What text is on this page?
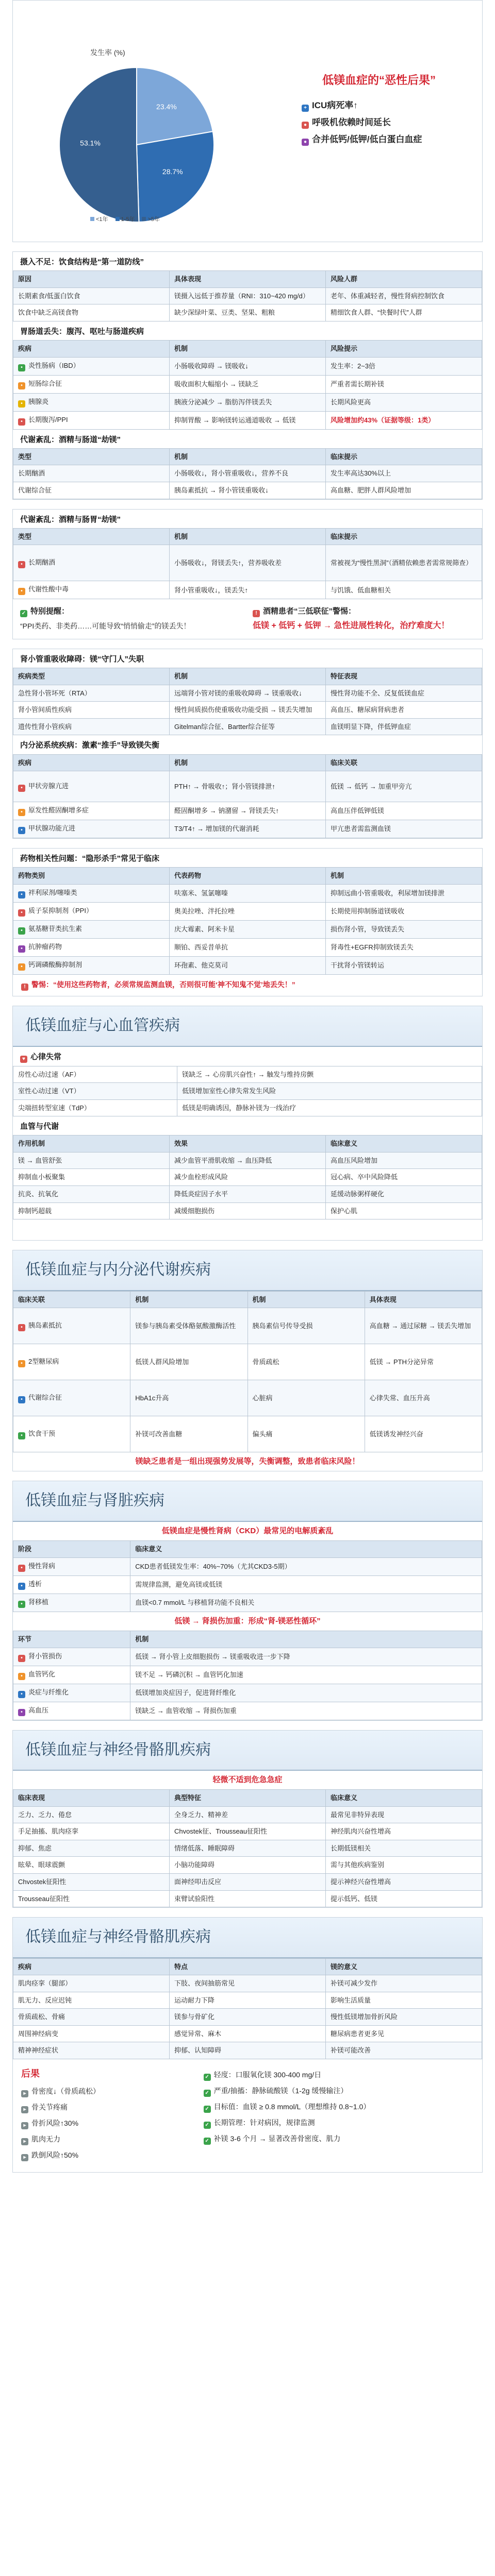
发生率 (%)
23.4%
28.7%
53.1%
<1年	1-5年	>5年
低镁血症的“恶性后果”
+ ICU病死率↑
● 呼吸机依赖时间延长
● 合并低钙/低钾/低白蛋白血症
摄入不足：饮食结构是“第一道防线”
原因	具体表现	风险人群
长期素食/低蛋白饮食	镁摄入远低于推荐量（RNI：310~420 mg/d）	老年、体重减轻者，慢性肾病控制饮食
饮食中缺乏高镁食物	缺少深绿叶菜、豆类、坚果、粗粮	精细饮食人群、“快餐时代”人群
胃肠道丢失：腹泻、呕吐与肠道疾病
疾病	机制	风险提示
• 炎性肠病（IBD）	小肠吸收障碍 → 镁吸收↓	发生率：2~3倍
• 短肠综合征	吸收面积大幅缩小 → 镁缺乏	严重者需长期补镁
• 胰腺炎	胰液分泌减少 → 脂肪泻伴镁丢失	长期风险更高
• 长期腹泻/PPI	抑制胃酸 → 影响镁转运通道吸收 → 低镁	风险增加约43%（证据等级：1类）
代谢紊乱：酒精与肠道“劫镁”
类型	机制	临床提示
长期酗酒	小肠吸收↓，肾小管重吸收↓，营养不良	发生率高达30%以上
代谢综合征	胰岛素抵抗 → 肾小管镁重吸收↓	高血糖、肥胖人群风险增加
代谢紊乱：酒精与肠胃“劫镁”
类型	机制	临床提示
• 长期酗酒	小肠吸收↓，肾镁丢失↑，营养吸收差	常被视为“慢性黑洞”（酒精依赖患者需常规筛查）
• 代谢性酸中毒	肾小管重吸收↓，镁丢失↑	与饥饿、低血糖相关
✓ 特别提醒：
“PPI类药、非类药……可能导致“悄悄偷走”的镁丢失！
! 酒精患者“三低联征”警惕：
低镁 + 低钙 + 低钾 → 急性进展性转化，治疗难度大！
肾小管重吸收障碍：镁“守门人”失职
疾病类型	机制	特征表现
急性肾小管坏死（RTA）	远端肾小管对镁的重吸收障碍 → 镁重吸收↓	慢性肾功能不全、反复低镁血症
肾小管间质性疾病	慢性间质损伤使重吸收功能受损 → 镁丢失增加	高血压、糖尿病肾病患者
遗传性肾小管疾病	Gitelman综合征、Bartter综合征等	血镁明显下降，伴低钾血症
内分泌系统疾病：激素“推手”导致镁失衡
疾病	机制	临床关联
• 甲状旁腺亢进	PTH↑ → 骨吸收↑；肾小管镁排泄↑	低镁 → 低钙 → 加重甲旁亢
• 原发性醛固酮增多症	醛固酮增多 → 钠潴留 → 肾镁丢失↑	高血压伴低钾低镁
• 甲状腺功能亢进	T3/T4↑ → 增加镁的代谢消耗	甲亢患者需监测血镁
药物相关性问题：“隐形杀手”常见于临床
药物类别	代表药物	机制
• 袢利尿剂/噻嗪类	呋塞米、氢氯噻嗪	抑制远曲小管重吸收，利尿增加镁排泄
• 质子泵抑制剂（PPI）	奥美拉唑、泮托拉唑	长期使用抑制肠道镁吸收
• 氨基糖苷类抗生素	庆大霉素、阿米卡星	损伤肾小管，导致镁丢失
• 抗肿瘤药物	顺铂、西妥昔单抗	肾毒性+EGFR抑制致镁丢失
• 钙调磷酸酶抑制剂	环孢素、他克莫司	干扰肾小管镁转运
! 警惕：“使用这些药物者，必须常规监测血镁，否则很可能‘神不知鬼不觉’地丢失！”
低镁血症与心血管疾病
♥ 心律失常
房性心动过速（AF）	镁缺乏 → 心房肌兴奋性↑ → 触发与维持房颤
室性心动过速（VT）	低镁增加室性心律失常发生风险
尖端扭转型室速（TdP）	低镁是明确诱因，静脉补镁为一线治疗
血管与代谢
作用机制	效果	临床意义
镁 → 血管舒张	减少血管平滑肌收缩 → 血压降低	高血压风险增加
抑制血小板聚集	减少血栓形成风险	冠心病、卒中风险降低
抗炎、抗氧化	降低炎症因子水平	延缓动脉粥样硬化
抑制钙超载	减缓细胞损伤	保护心肌
低镁血症与内分泌代谢疾病
临床关联	机制	机制	具体表现
• 胰岛素抵抗	镁参与胰岛素受体酪氨酸激酶活性	胰岛素信号传导受损	高血糖 → 通过尿糖 → 镁丢失增加
• 2型糖尿病	低镁人群风险增加	骨质疏松	低镁 → PTH分泌异常
• 代谢综合征	HbA1c升高	心脏病	心律失常、血压升高
• 饮食干预	补镁可改善血糖	偏头痛	低镁诱发神经兴奋
镁缺乏患者是一组出现强势发展等，失衡调整，致患者临床风险！
低镁血症与肾脏疾病
低镁血症是慢性肾病（CKD）最常见的电解质紊乱
阶段	临床意义
• 慢性肾病	CKD患者低镁发生率：40%~70%（尤其CKD3-5期）
• 透析	需规律监测，避免高镁或低镁
• 肾移植	血镁<0.7 mmol/L 与移植肾功能不良相关
低镁 → 肾损伤加重：形成“肾-镁恶性循环”
环节	机制
• 肾小管损伤	低镁 → 肾小管上皮细胞损伤 → 镁重吸收进一步下降
• 血管钙化	镁不足 → 钙磷沉积 → 血管钙化加速
• 炎症与纤维化	低镁增加炎症因子，促进肾纤维化
• 高血压	镁缺乏 → 血管收缩 → 肾损伤加重
低镁血症与神经骨骼肌疾病
轻微不适到危急急症
临床表现	典型特征	临床意义
乏力、乏力、倦怠	全身乏力、精神差	最常见非特异表现
手足抽搐、肌肉痉挛	Chvostek征、Trousseau征阳性	神经肌肉兴奋性增高
抑郁、焦虑	情绪低落、睡眠障碍	长期低镁相关
眩晕、眼球震颤	小脑功能障碍	需与其他疾病鉴别
Chvostek征阳性	面神经叩击反应	提示神经兴奋性增高
Trousseau征阳性	束臂试验阳性	提示低钙、低镁
低镁血症与神经骨骼肌疾病
疾病	特点	镁的意义
肌肉痉挛（腿部）	下肢、夜间抽筋常见	补镁可减少发作
肌无力、反应迟钝	运动耐力下降	影响生活质量
骨质疏松、骨痛	镁参与骨矿化	慢性低镁增加骨折风险
周围神经病变	感觉异常、麻木	糖尿病患者更多见
精神神经症状	抑郁、认知障碍	补镁可能改善
后果
▸ 骨密度↓（骨质疏松）
▸ 骨关节疼痛
▸ 骨折风险↑30%
▸ 肌肉无力
▸ 跌倒风险↑50%
✓ 轻度：口服氧化镁 300-400 mg/日
✓ 严重/抽搐：静脉硫酸镁（1-2g 缓慢输注）
✓ 目标值：血镁 ≥ 0.8 mmol/L（理想维持 0.8~1.0）
✓ 长期管理：针对病因，规律监测
✓ 补镁 3-6 个月 → 显著改善骨密度、肌力
